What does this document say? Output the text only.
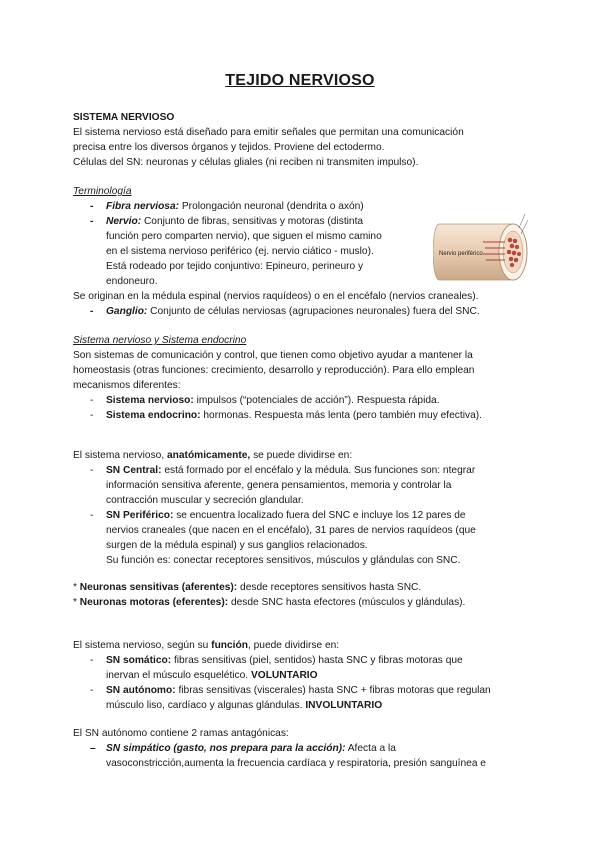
TEJIDO NERVIOSO

SISTEMA NERVIOSO

El sistema nervioso está diseñado para emitir señales que permitan una comunicación

precisa entre los diversos órganos y tejidos. Proviene del ectodermo.

Células del SN: neuronas y células gliales (ni reciben ni transmiten impulso).

Terminología

- Fibra nerviosa: Prolongación neuronal (dendrita o axón)
- Nervio: Conjunto de fibras, sensitivas y motoras (distinta
función pero comparten nervio), que siguen el mismo camino
en el sistema nervioso periférico (ej. nervio ciático - muslo).
Está rodeado por tejido conjuntivo: Epineuro, perineuro y
endoneuro.

Se originan en la médula espinal (nervios raquídeos) o en el encéfalo (nervios craneales).

- Ganglio: Conjunto de células nerviosas (agrupaciones neuronales) fuera del SNC.
Nervio periférico

Sistema nervioso y Sistema endocrino

Son sistemas de comunicación y control, que tienen como objetivo ayudar a mantener la

homeostasis (otras funciones: crecimiento, desarrollo y reproducción). Para ello emplean

mecanismos diferentes:

- Sistema nervioso: impulsos (“potenciales de acción”). Respuesta rápida.
- Sistema endocrino: hormonas. Respuesta más lenta (pero también muy efectiva).

El sistema nervioso, anatómicamente, se puede dividirse en:

- SN Central: está formado por el encéfalo y la médula. Sus funciones son: ntegrar
información sensitiva aferente, genera pensamientos, memoria y controlar la
contracción muscular y secreción glandular.
- SN Periférico: se encuentra localizado fuera del SNC e incluye los 12 pares de
nervios craneales (que nacen en el encéfalo), 31 pares de nervios raquídeos (que
surgen de la médula espinal) y sus ganglios relacionados.
Su función es: conectar receptores sensitivos, músculos y glándulas con SNC.

* Neuronas sensitivas (aferentes): desde receptores sensitivos hasta SNC.

* Neuronas motoras (eferentes): desde SNC hasta efectores (músculos y glándulas).

El sistema nervioso, según su función, puede dividirse en:

- SN somático: fibras sensitivas (piel, sentidos) hasta SNC y fibras motoras que
inervan el músculo esquelético. VOLUNTARIO
- SN autónomo: fibras sensitivas (viscerales) hasta SNC + fibras motoras que regulan
músculo liso, cardíaco y algunas glándulas. INVOLUNTARIO

El SN autónomo contiene 2 ramas antagónicas:

– SN simpático (gasto, nos prepara para la acción): Afecta a la
vasoconstricción,aumenta la frecuencia cardíaca y respiratoria, presión sanguínea e
